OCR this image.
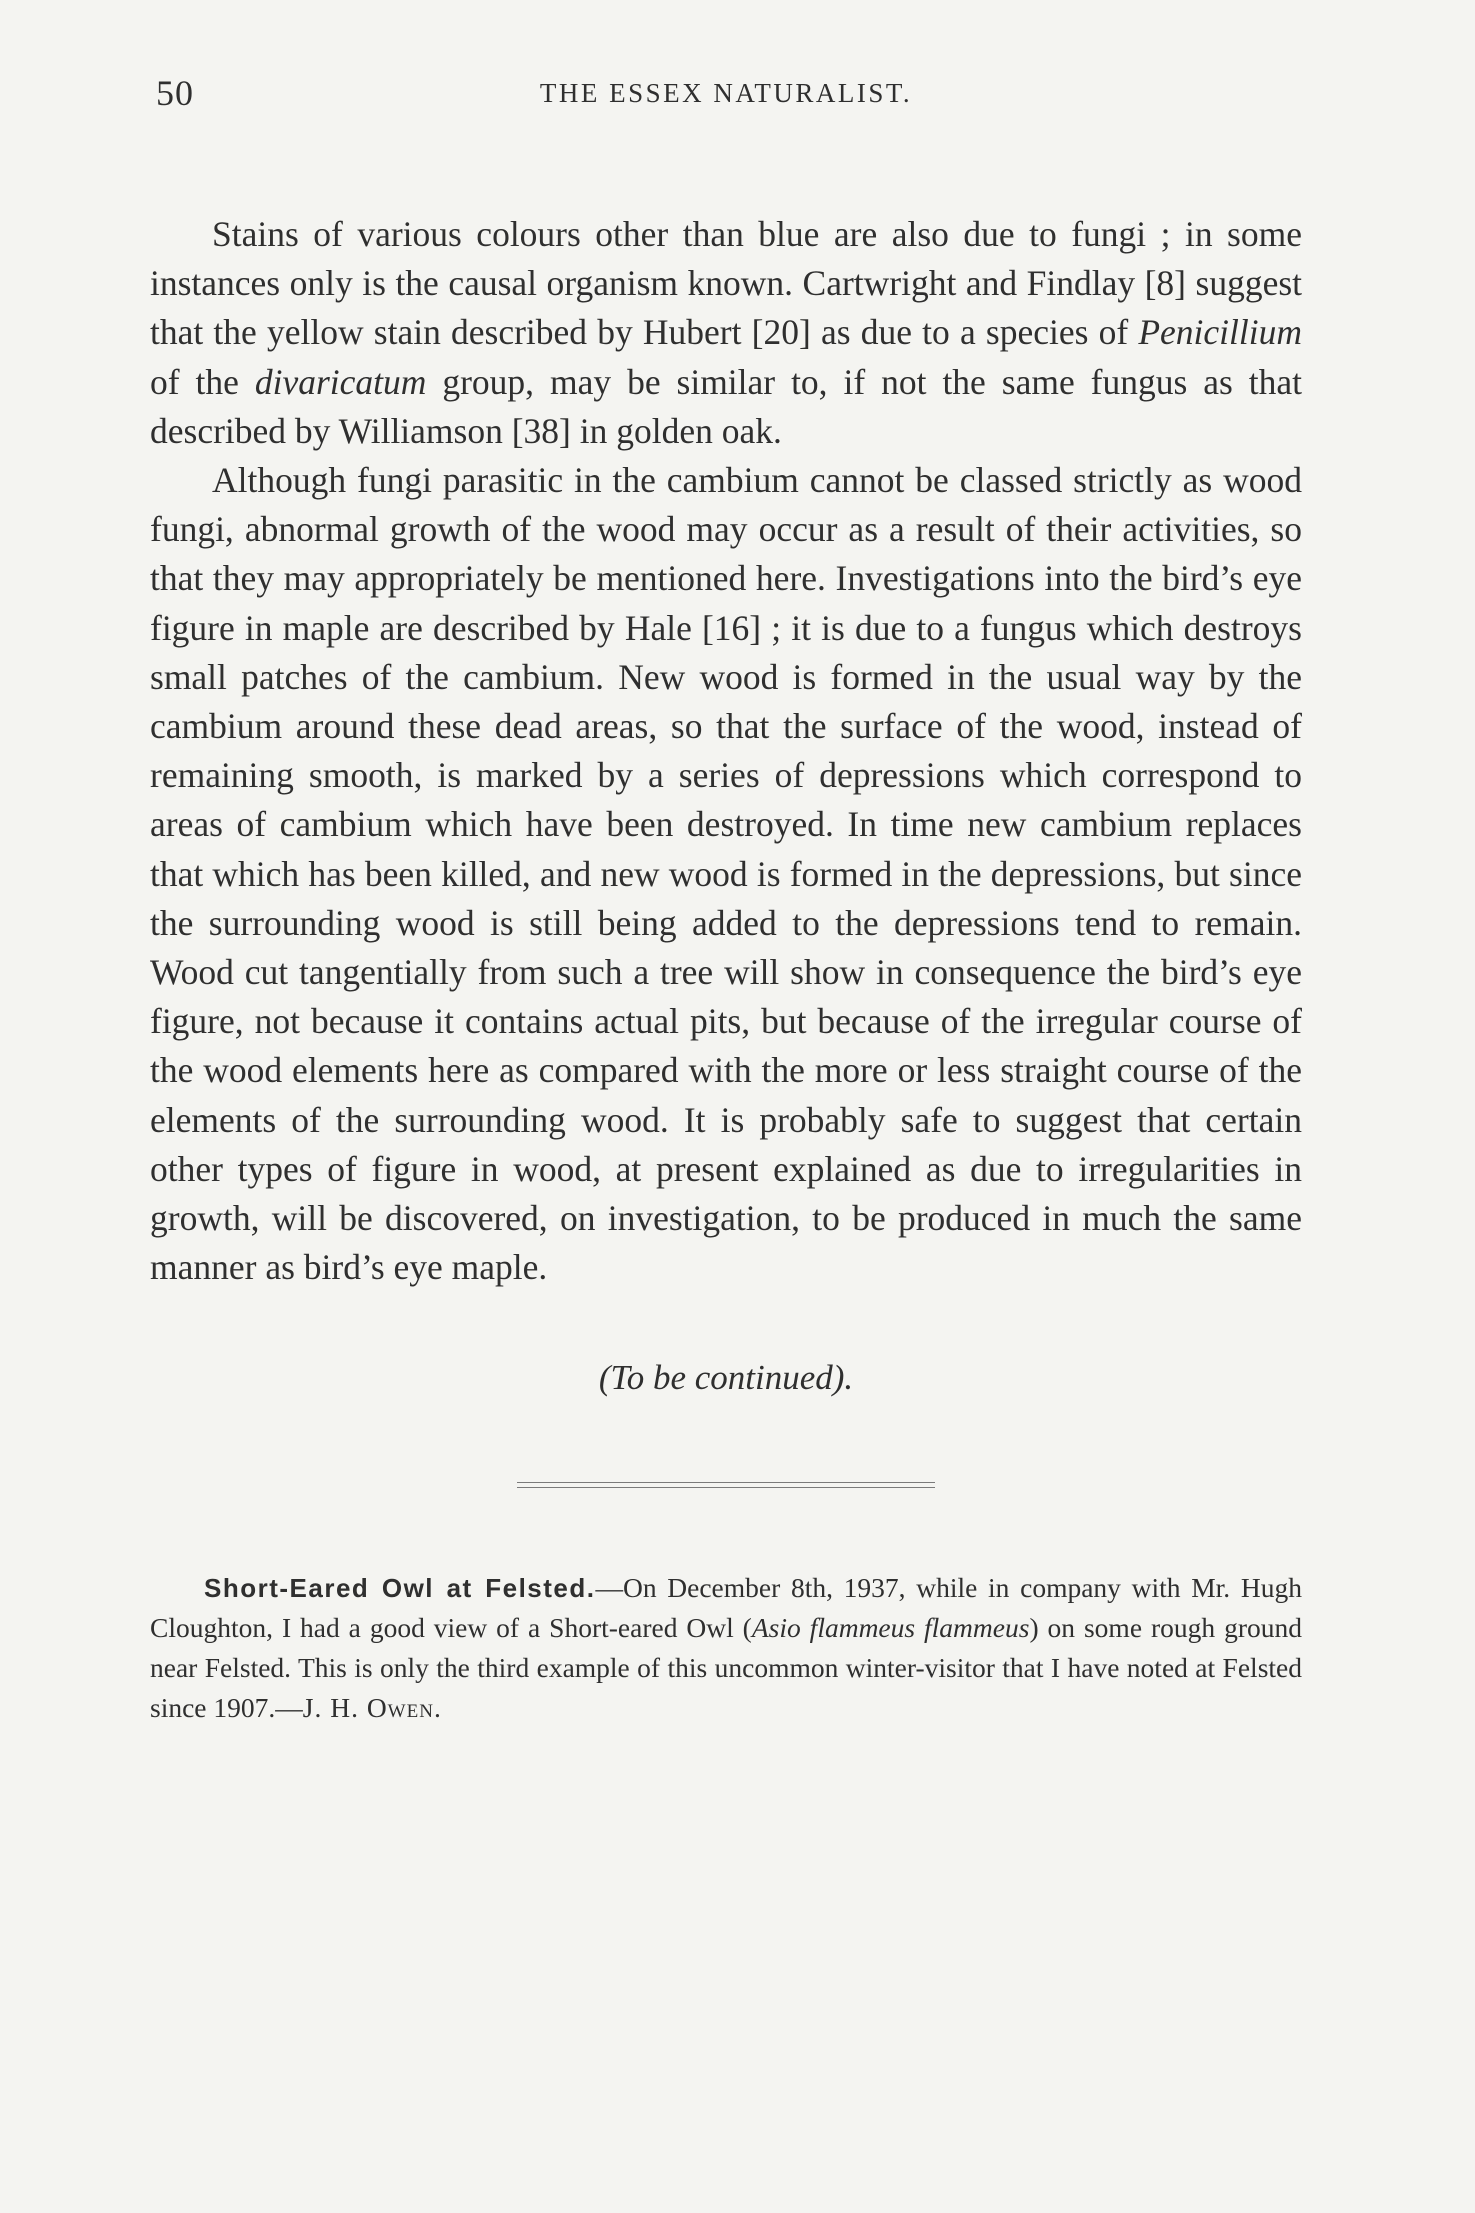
50	THE ESSEX NATURALIST.

Stains of various colours other than blue are also due to fungi ; in some instances only is the causal organism known. Cartwright and Findlay [8] suggest that the yellow stain described by Hubert [20] as due to a species of Penicillium of the divaricatum group, may be similar to, if not the same fungus as that described by Williamson [38] in golden oak.

Although fungi parasitic in the cambium cannot be classed strictly as wood fungi, abnormal growth of the wood may occur as a result of their activities, so that they may appropriately be mentioned here. Investigations into the bird’s eye figure in maple are described by Hale [16] ; it is due to a fungus which destroys small patches of the cambium. New wood is formed in the usual way by the cambium around these dead areas, so that the surface of the wood, instead of remaining smooth, is marked by a series of depressions which correspond to areas of cambium which have been destroyed. In time new cambium replaces that which has been killed, and new wood is formed in the depressions, but since the surrounding wood is still being added to the depressions tend to remain. Wood cut tangentially from such a tree will show in consequence the bird’s eye figure, not because it contains actual pits, but because of the irregular course of the wood elements here as compared with the more or less straight course of the elements of the surrounding wood. It is probably safe to suggest that certain other types of figure in wood, at present explained as due to irregularities in growth, will be discovered, on investigation, to be produced in much the same manner as bird’s eye maple.

(To be continued).
Short-Eared Owl at Felsted.—On December 8th, 1937, while in company with Mr. Hugh Cloughton, I had a good view of a Short-eared Owl (Asio flammeus flammeus) on some rough ground near Felsted. This is only the third example of this uncommon winter-visitor that I have noted at Felsted since 1907.—J. H. Owen.
